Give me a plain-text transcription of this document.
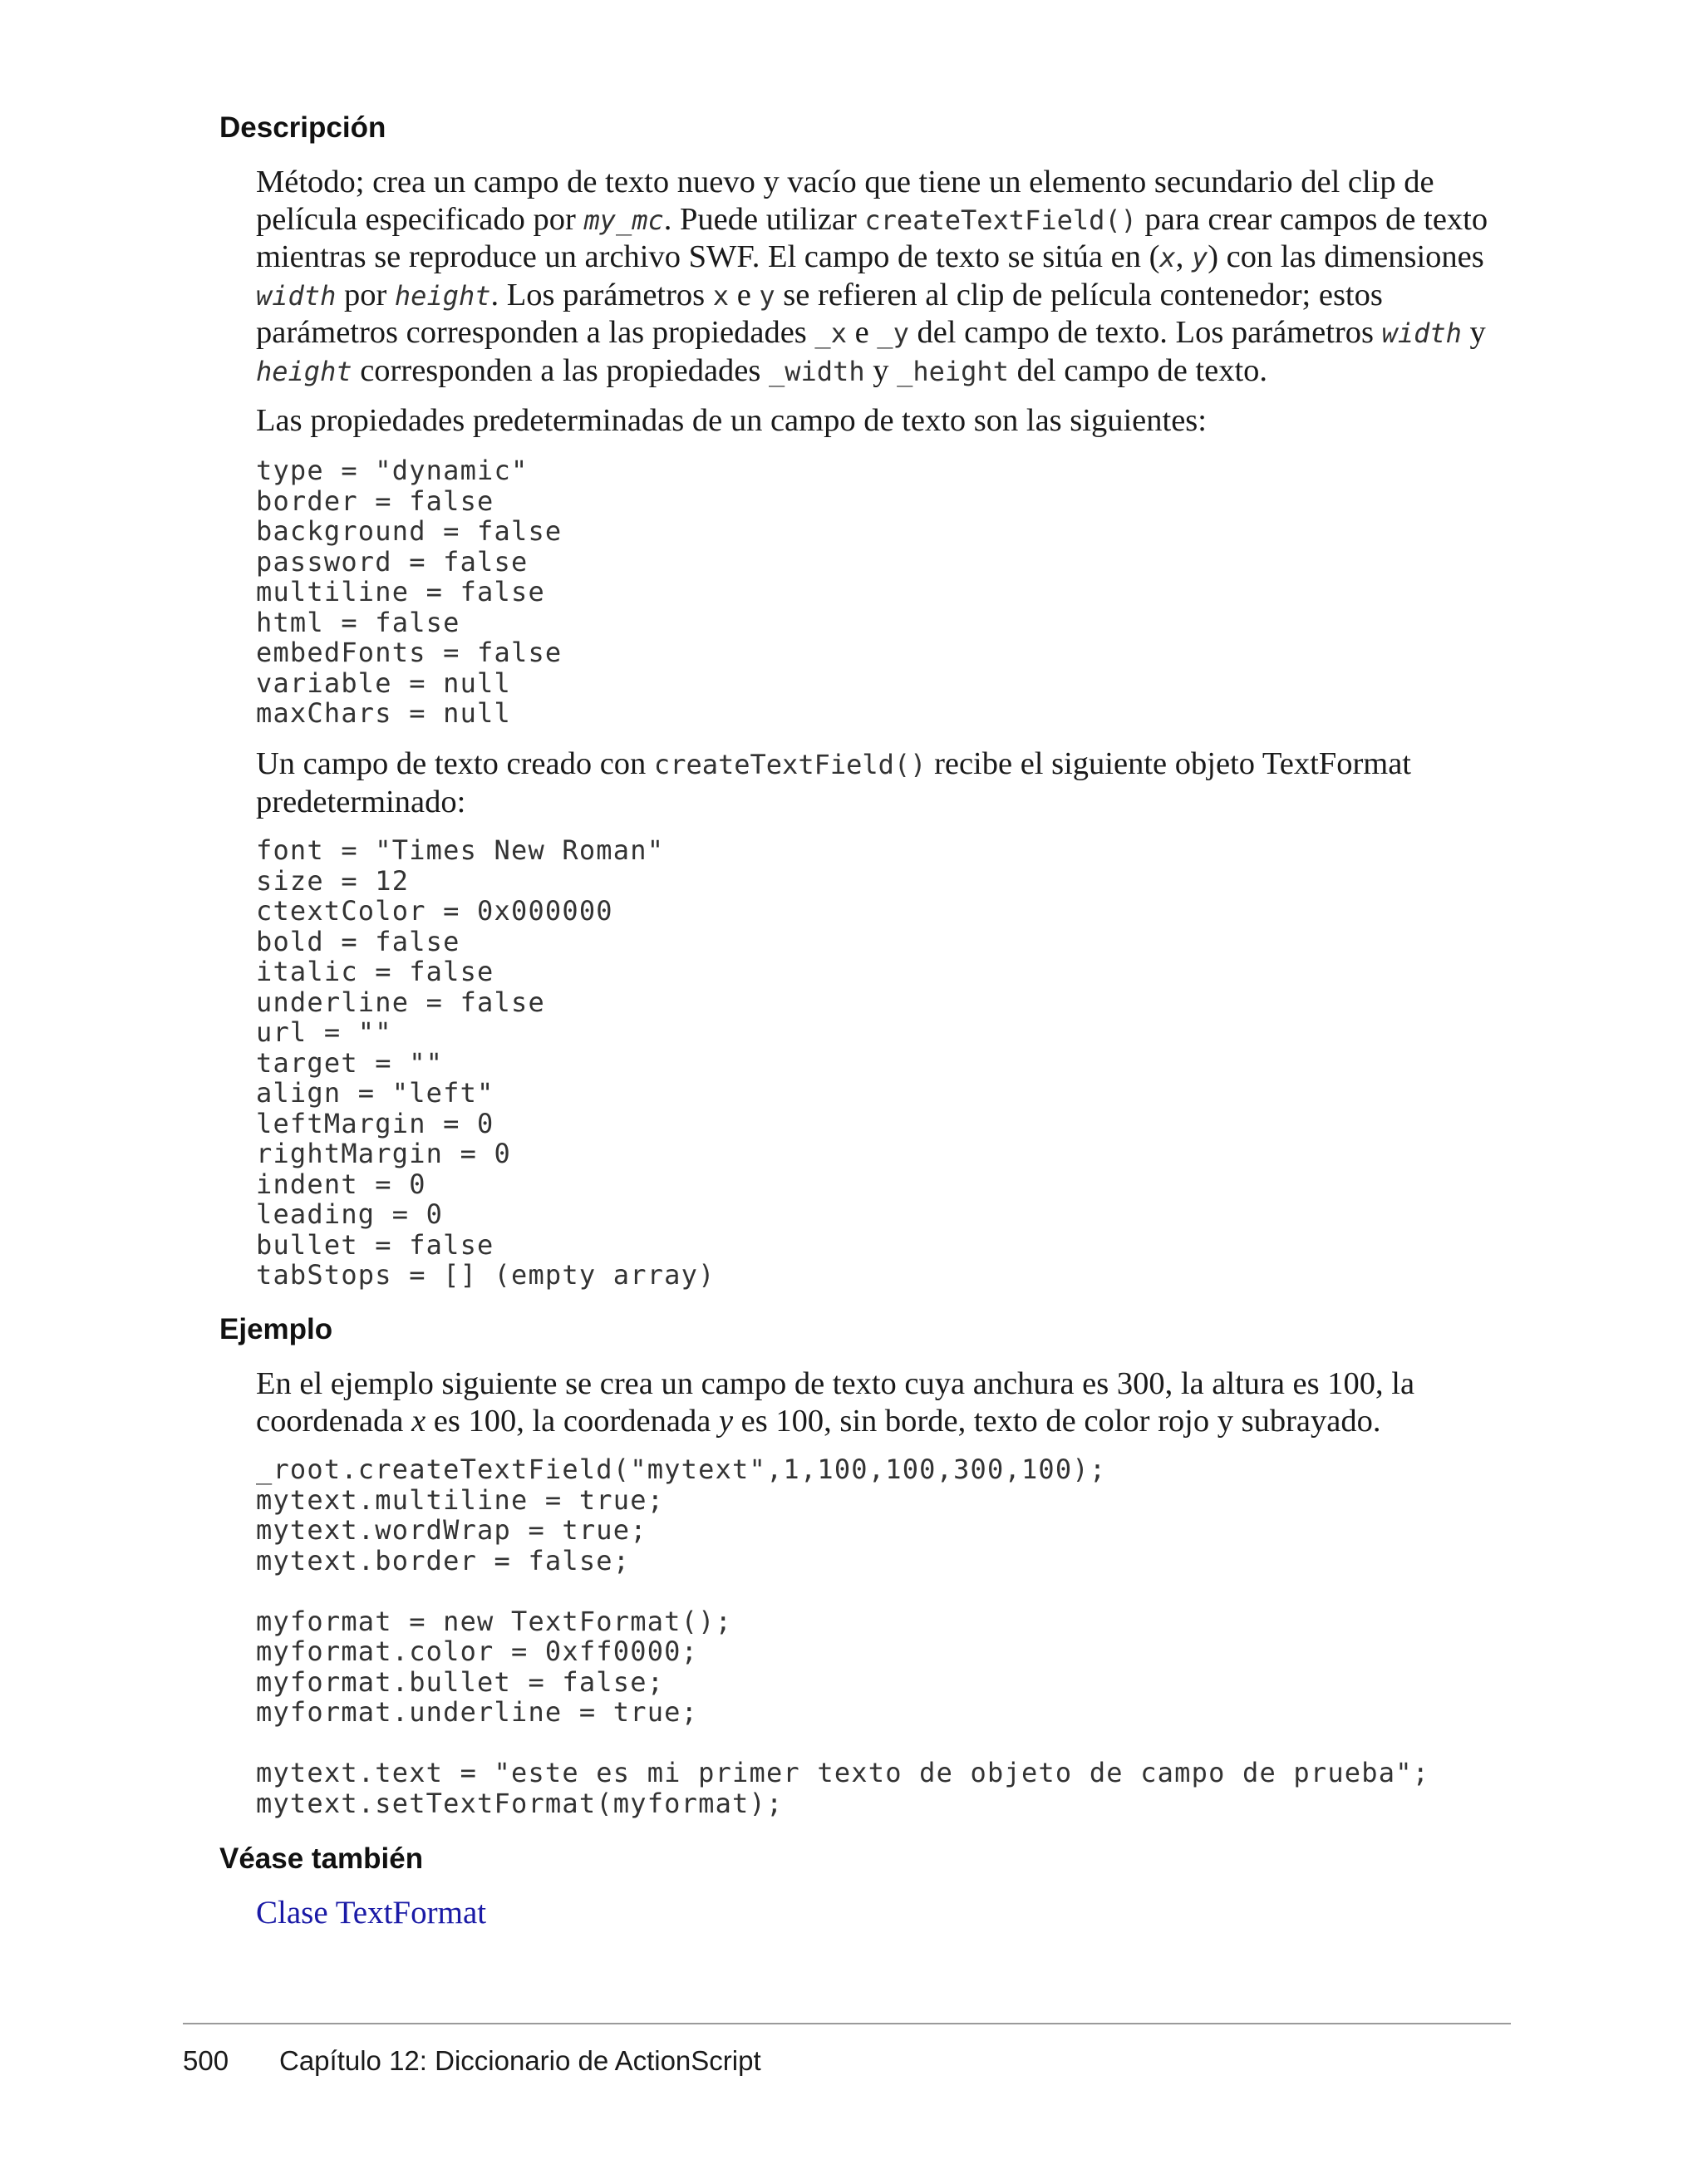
Descripción

Método; crea un campo de texto nuevo y vacío que tiene un elemento secundario del clip de película especificado por my_mc. Puede utilizar createTextField() para crear campos de texto mientras se reproduce un archivo SWF. El campo de texto se sitúa en (x, y) con las dimensiones width por height. Los parámetros x e y se refieren al clip de película contenedor; estos parámetros corresponden a las propiedades _x e _y del campo de texto. Los parámetros width y height corresponden a las propiedades _width y _height del campo de texto.

Las propiedades predeterminadas de un campo de texto son las siguientes:

type = "dynamic"
border = false
background = false
password = false
multiline = false
html = false
embedFonts = false
variable = null
maxChars = null

Un campo de texto creado con createTextField() recibe el siguiente objeto TextFormat predeterminado:

font = "Times New Roman"
size = 12
ctextColor = 0x000000
bold = false
italic = false
underline = false
url = ""
target = ""
align = "left"
leftMargin = 0
rightMargin = 0
indent = 0
leading = 0
bullet = false
tabStops = [] (empty array)
Ejemplo

En el ejemplo siguiente se crea un campo de texto cuya anchura es 300, la altura es 100, la coordenada x es 100, la coordenada y es 100, sin borde, texto de color rojo y subrayado.

_root.createTextField("mytext",1,100,100,300,100);
mytext.multiline = true;
mytext.wordWrap = true;
mytext.border = false;

myformat = new TextFormat();
myformat.color = 0xff0000;
myformat.bullet = false;
myformat.underline = true;

mytext.text = "este es mi primer texto de objeto de campo de prueba";
mytext.setTextFormat(myformat);
Véase también
Clase TextFormat
500 Capítulo 12: Diccionario de ActionScript
